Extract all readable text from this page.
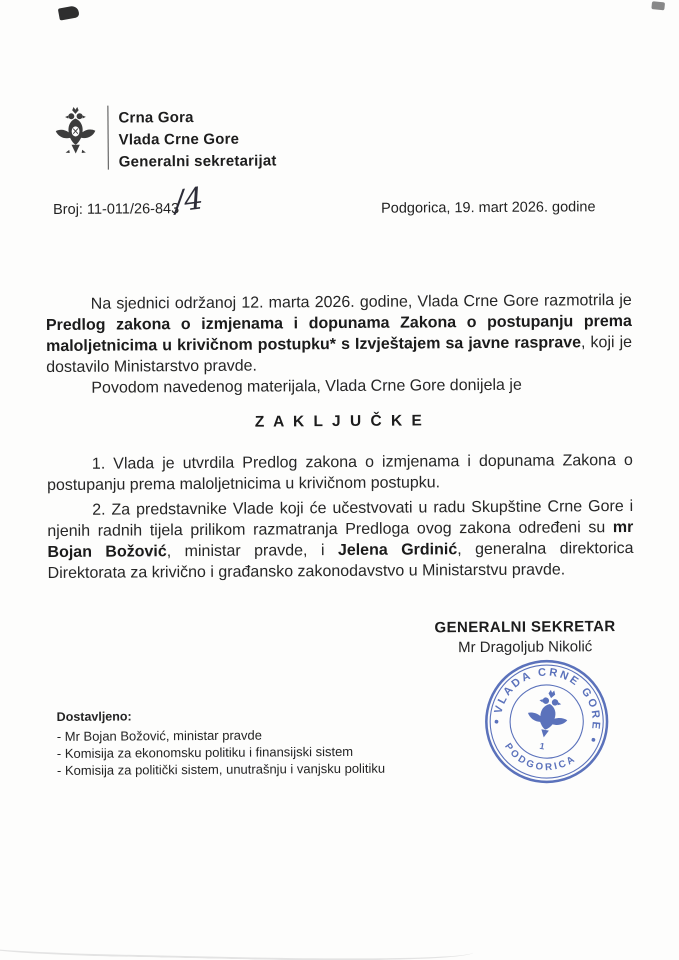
Crna Gora
Vlada Crne Gore
Generalni sekretarijat
Broj: 11-011/26-843
/4	Podgorica, 19. mart 2026. godine

Na sjednici održanoj 12. marta 2026. godine, Vlada Crne Gore razmotrila je Predlog zakona o izmjenama i dopunama Zakona o postupanju prema maloljetnicima u krivičnom postupku* s Izvještajem sa javne rasprave, koji je dostavilo Ministarstvo pravde.

Povodom navedenog materijala, Vlada Crne Gore donijela je

Z A K L J U Č K E

1. Vlada je utvrdila Predlog zakona o izmjenama i dopunama Zakona o postupanju prema maloljetnicima u krivičnom postupku.

2. Za predstavnike Vlade koji će učestvovati u radu Skupštine Crne Gore i njenih radnih tijela prilikom razmatranja Predloga ovog zakona određeni su mr Bojan Božović, ministar pravde, i Jelena Grdinić, generalna direktorica Direktorata za krivično i građansko zakonodavstvo u Ministarstvu pravde.

GENERALNI SEKRETAR
Mr Dragoljub Nikolić
Dostavljeno:
- Mr Bojan Božović, ministar pravde
- Komisija za ekonomsku politiku i finansijski sistem
- Komisija za politički sistem, unutrašnju i vanjsku politiku
VLADA CRNE GORE
PODGORICA
1
